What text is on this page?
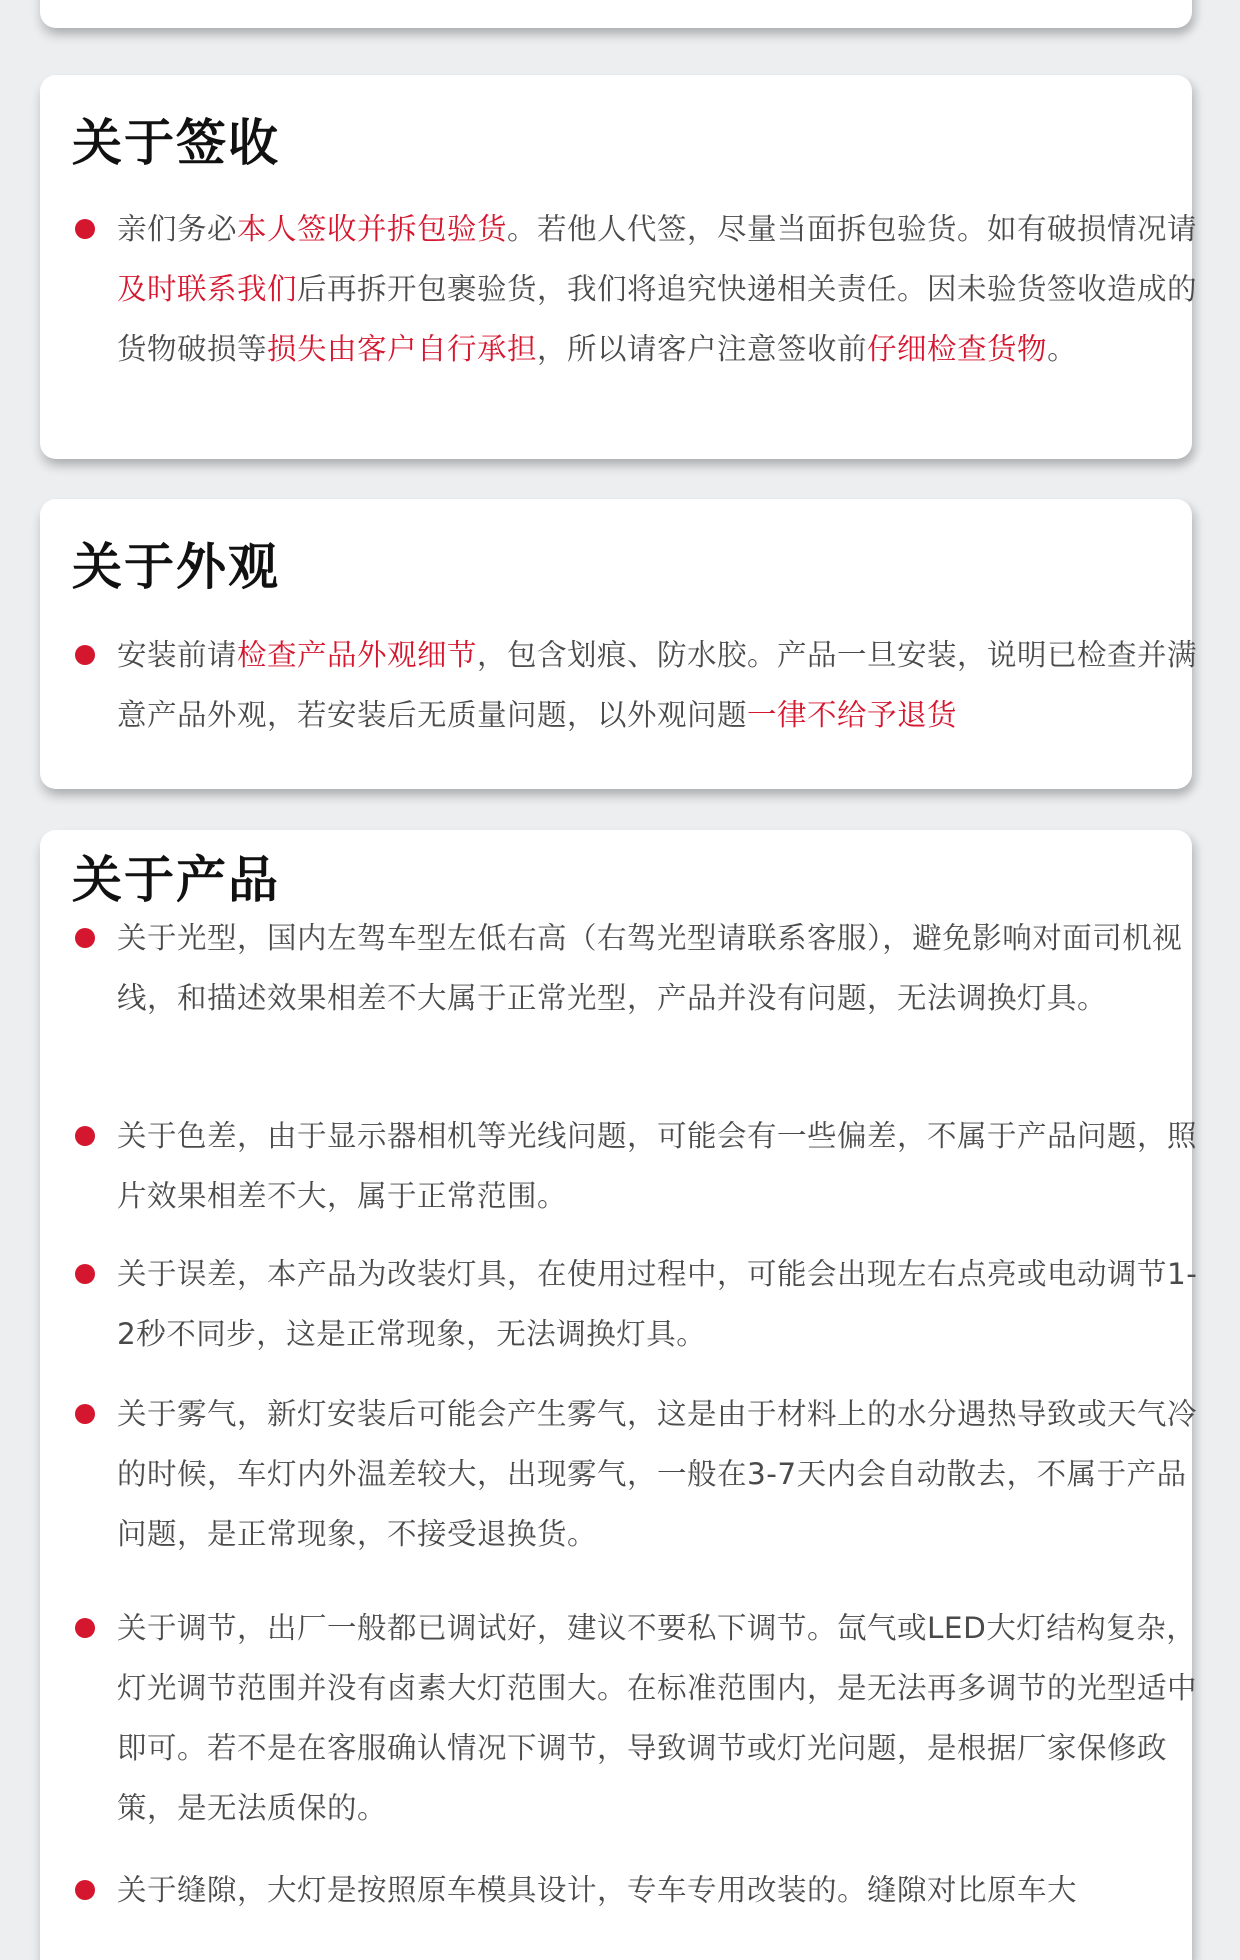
关于签收
亲们务必本人签收并拆包验货。若他人代签，尽量当面拆包验货。如有破损情况请及时联系我们后再拆开包裹验货，我们将追究快递相关责任。因未验货签收造成的货物破损等损失由客户自行承担，所以请客户注意签收前仔细检查货物。
关于外观
安装前请检查产品外观细节，包含划痕、防水胶。产品一旦安装，说明已检查并满意产品外观，若安装后无质量问题，以外观问题一律不给予退货
关于产品
关于光型，国内左驾车型左低右高（右驾光型请联系客服），避免影响对面司机视线，和描述效果相差不大属于正常光型，产品并没有问题，无法调换灯具。
关于色差，由于显示器相机等光线问题，可能会有一些偏差，不属于产品问题，照片效果相差不大，属于正常范围。
关于误差，本产品为改装灯具，在使用过程中，可能会出现左右点亮或电动调节1-2秒不同步，这是正常现象，无法调换灯具。
关于雾气，新灯安装后可能会产生雾气，这是由于材料上的水分遇热导致或天气冷的时候，车灯内外温差较大，出现雾气，一般在3-7天内会自动散去，不属于产品问题，是正常现象，不接受退换货。
关于调节，出厂一般都已调试好，建议不要私下调节。氙气或LED大灯结构复杂，灯光调节范围并没有卤素大灯范围大。在标准范围内，是无法再多调节的光型适中即可。若不是在客服确认情况下调节，导致调节或灯光问题，是根据厂家保修政策，是无法质保的。
关于缝隙，大灯是按照原车模具设计，专车专用改装的。缝隙对比原车大
